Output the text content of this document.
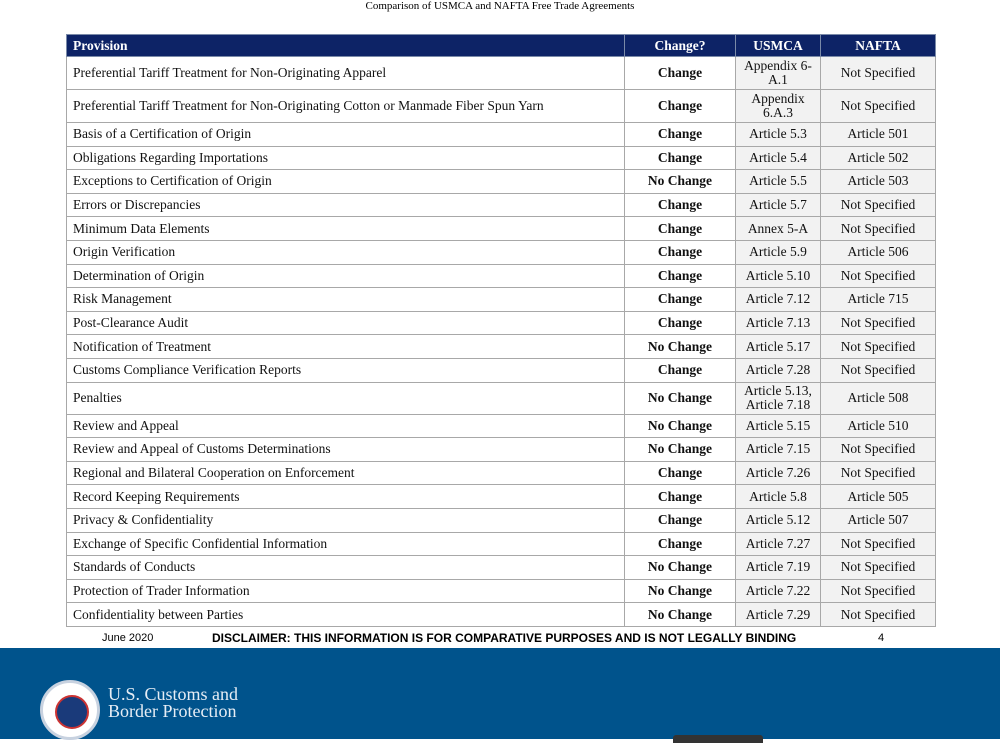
Comparison of USMCA and NAFTA Free Trade Agreements
Provision	Change?	USMCA	NAFTA
Preferential Tariff Treatment for Non-Originating Apparel	Change	Appendix 6-A.1	Not Specified
Preferential Tariff Treatment for Non-Originating Cotton or Manmade Fiber Spun Yarn	Change	Appendix 6.A.3	Not Specified
Basis of a Certification of Origin	Change	Article 5.3	Article 501
Obligations Regarding Importations	Change	Article 5.4	Article 502
Exceptions to Certification of Origin	No Change	Article 5.5	Article 503
Errors or Discrepancies	Change	Article 5.7	Not Specified
Minimum Data Elements	Change	Annex 5-A	Not Specified
Origin Verification	Change	Article 5.9	Article 506
Determination of Origin	Change	Article 5.10	Not Specified
Risk Management	Change	Article 7.12	Article 715
Post-Clearance Audit	Change	Article 7.13	Not Specified
Notification of Treatment	No Change	Article 5.17	Not Specified
Customs Compliance Verification Reports	Change	Article 7.28	Not Specified
Penalties	No Change	Article 5.13, Article 7.18	Article 508
Review and Appeal	No Change	Article 5.15	Article 510
Review and Appeal of Customs Determinations	No Change	Article 7.15	Not Specified
Regional and Bilateral Cooperation on Enforcement	Change	Article 7.26	Not Specified
Record Keeping Requirements	Change	Article 5.8	Article 505
Privacy & Confidentiality	Change	Article 5.12	Article 507
Exchange of Specific Confidential Information	Change	Article 7.27	Not Specified
Standards of Conducts	No Change	Article 7.19	Not Specified
Protection of Trader Information	No Change	Article 7.22	Not Specified
Confidentiality between Parties	No Change	Article 7.29	Not Specified
June 2020	DISCLAIMER: THIS INFORMATION IS FOR COMPARATIVE PURPOSES AND IS NOT LEGALLY BINDING	4
U.S. Customs and
Border Protection
